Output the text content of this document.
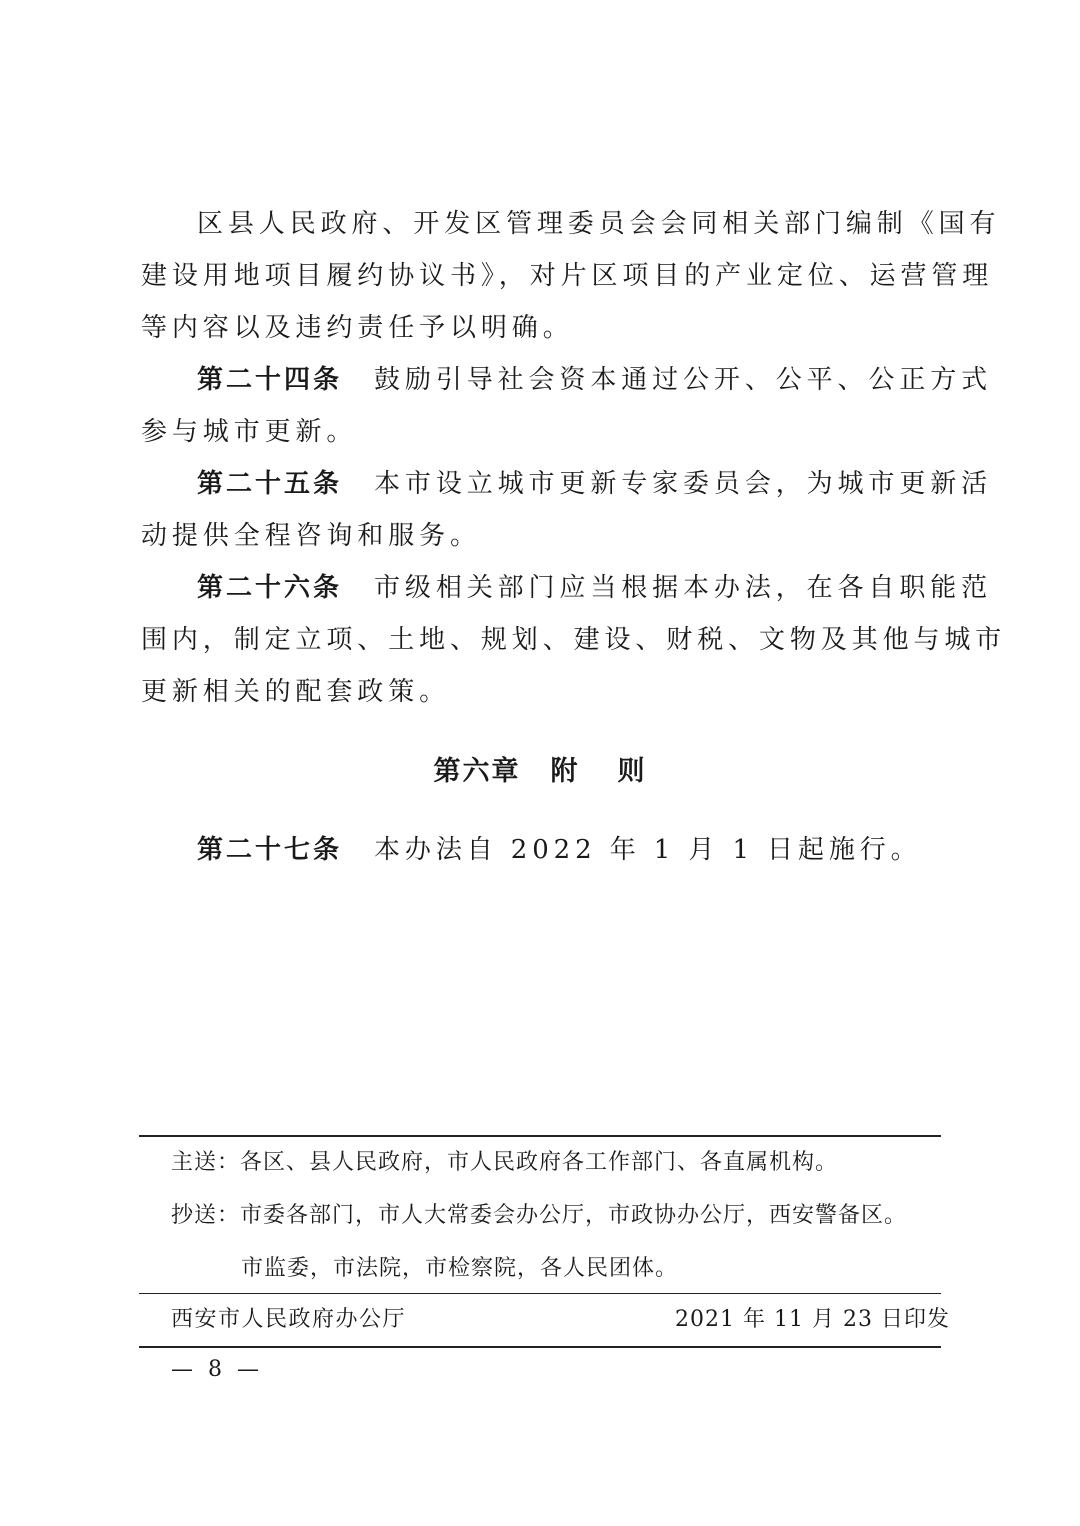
区县人民政府、开发区管理委员会会同相关部门编制《国有
建设用地项目履约协议书》，对片区项目的产业定位、运营管理
等内容以及违约责任予以明确。
第二十四条 鼓励引导社会资本通过公开、公平、公正方式
参与城市更新。
第二十五条 本市设立城市更新专家委员会，为城市更新活
动提供全程咨询和服务。
第二十六条 市级相关部门应当根据本办法，在各自职能范
围内，制定立项、土地、规划、建设、财税、文物及其他与城市
更新相关的配套政策。
第六章 附 则
第二十七条 本办法自 2022 年 1 月 1 日起施行。
主送：各区、县人民政府，市人民政府各工作部门、各直属机构。
抄送：市委各部门，市人大常委会办公厅，市政协办公厅，西安警备区。
市监委，市法院，市检察院，各人民团体。
西安市人民政府办公厅	2021 年 11 月 23 日印发
— 8 —
